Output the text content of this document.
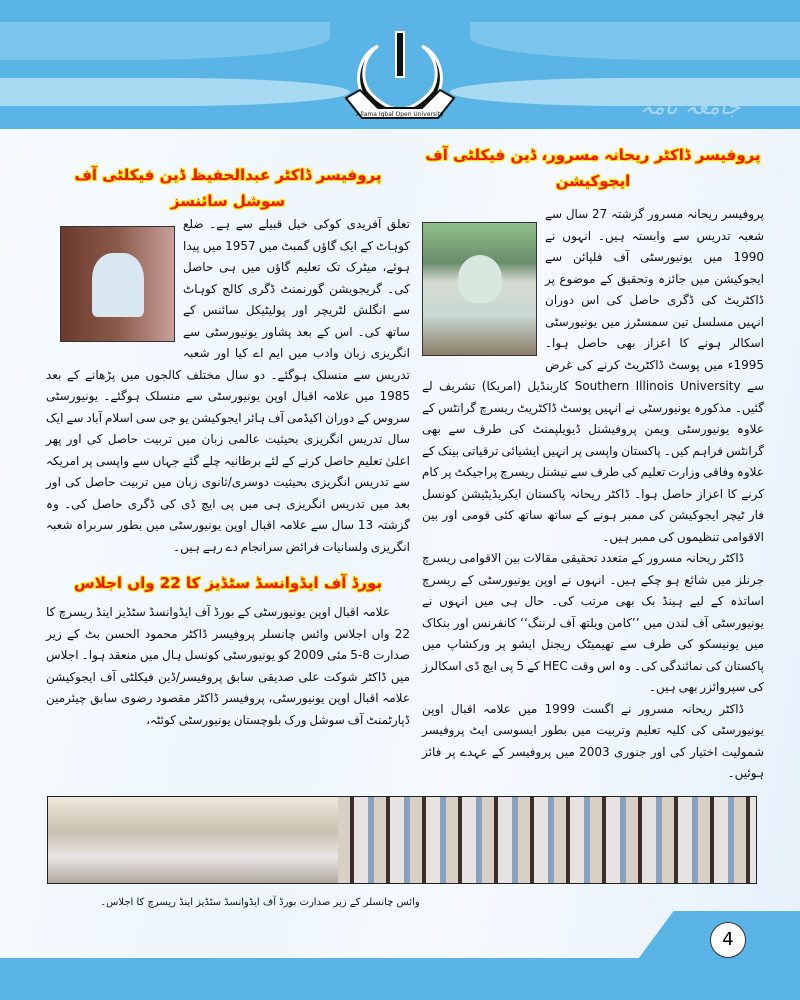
Allama Iqbal Open University	جامعہ نامہ
پروفیسر ڈاکٹر ریحانہ مسرور، ڈین فیکلٹی آف ایجوکیشن

پروفیسر ریحانہ مسرور گزشتہ 27 سال سے شعبہ تدریس سے وابستہ ہیں۔ انہوں نے 1990 میں یونیورسٹی آف فلپائن سے ایجوکیشن میں جائزہ وتحقیق کے موضوع پر ڈاکٹریٹ کی ڈگری حاصل کی اس دوران انہیں مسلسل تین سمسٹرز میں یونیورسٹی اسکالر ہونے کا اعزاز بھی حاصل ہوا۔ 1995ء میں پوسٹ ڈاکٹریٹ کرنے کی غرض سے Southern Illinois University کاربنڈیل (امریکا) تشریف لے گئیں۔ مذکورہ یونیورسٹی نے انہیں پوسٹ ڈاکٹریٹ ریسرچ گرانٹس کے علاوہ یونیورسٹی ویمن پروفیشنل ڈیویلپمنٹ کی طرف سے بھی گرانٹس فراہم کیں۔ پاکستان واپسی پر انہیں ایشیائی ترقیاتی بینک کے علاوہ وفاقی وزارت تعلیم کی طرف سے نیشنل ریسرچ پراجیکٹ پر کام کرنے کا اعزاز حاصل ہوا۔ ڈاکٹر ریحانہ پاکستان ایکریڈیٹیشن کونسل فار ٹیچر ایجوکیشن کی ممبر ہونے کے ساتھ ساتھ کئی قومی اور بین الاقوامی تنظیموں کی ممبر ہیں۔

ڈاکٹر ریحانہ مسرور کے متعدد تحقیقی مقالات بین الاقوامی ریسرچ جرنلز میں شائع ہو چکے ہیں۔ انہوں نے اوپن یونیورسٹی کے ریسرچ اساتذہ کے لیے ہینڈ بک بھی مرتب کی۔ حال ہی میں انہوں نے یونیورسٹی آف لندن میں ’’کامن ویلتھ آف لرننگ‘‘ کانفرنس اور بنکاک میں یونیسکو کی طرف سے تھیمیٹک ریجنل ایشو پر ورکشاپ میں پاکستان کی نمائندگی کی۔ وہ اس وقت HEC کے 5 پی ایچ ڈی اسکالرز کی سپروائزر بھی ہیں۔

ڈاکٹر ریحانہ مسرور نے اگست 1999 میں علامہ اقبال اوپن یونیورسٹی کی کلیہ تعلیم وتربیت میں بطور ایسوسی ایٹ پروفیسر شمولیت اختیار کی اور جنوری 2003 میں پروفیسر کے عہدے پر فائز ہوئیں۔

پروفیسر ڈاکٹر عبدالحفیظ ڈین فیکلٹی آف سوشل سائنسز

تعلق آفریدی کوکی خیل قبیلے سے ہے۔ ضلع کوہاٹ کے ایک گاؤں گمبٹ میں 1957 میں پیدا ہوئے، میٹرک تک تعلیم گاؤں میں ہی حاصل کی۔ گریجویشن گورنمنٹ ڈگری کالج کوہاٹ سے انگلش لٹریچر اور پولیٹیکل سائنس کے ساتھ کی۔ اس کے بعد پشاور یونیورسٹی سے انگریزی زبان وادب میں ایم اے کیا اور شعبہ تدریس سے منسلک ہوگئے۔ دو سال مختلف کالجوں میں پڑھانے کے بعد 1985 میں علامہ اقبال اوپن یونیورسٹی سے منسلک ہوگئے۔ یونیورسٹی سروس کے دوران اکیڈمی آف ہائر ایجوکیشن یو جی سی اسلام آباد سے ایک سال تدریس انگریزی بحیثیت عالمی زبان میں تربیت حاصل کی اور پھر اعلیٰ تعلیم حاصل کرنے کے لئے برطانیہ چلے گئے جہاں سے واپسی پر امریکہ سے تدریس انگریزی بحیثیت دوسری/ثانوی زبان میں تربیت حاصل کی اور بعد میں تدریس انگریزی ہی میں پی ایچ ڈی کی ڈگری حاصل کی۔ وہ گزشتہ 13 سال سے علامہ اقبال اوپن یونیورسٹی میں بطور سربراہ شعبہ انگریزی ولسانیات فرائض سرانجام دے رہے ہیں۔

بورڈ آف ایڈوانسڈ سٹڈیز کا 22 واں اجلاس

علامہ اقبال اوپن یونیورسٹی کے بورڈ آف ایڈوانسڈ سٹڈیز اینڈ ریسرچ کا 22 واں اجلاس وائس چانسلر پروفیسر ڈاکٹر محمود الحسن بٹ کے زیر صدارت 8-5 مئی 2009 کو یونیورسٹی کونسل ہال میں منعقد ہوا۔ اجلاس میں ڈاکٹر شوکت علی صدیقی سابق پروفیسر/ڈین فیکلٹی آف ایجوکیشن علامہ اقبال اوپن یونیورسٹی، پروفیسر ڈاکٹر مقصود رضوی سابق چیئرمین ڈپارٹمنٹ آف سوشل ورک بلوچستان یونیورسٹی کوئٹہ،

وائس چانسلر کے زیر صدارت بورڈ آف ایڈوانسڈ سٹڈیز اینڈ ریسرچ کا اجلاس۔
4
